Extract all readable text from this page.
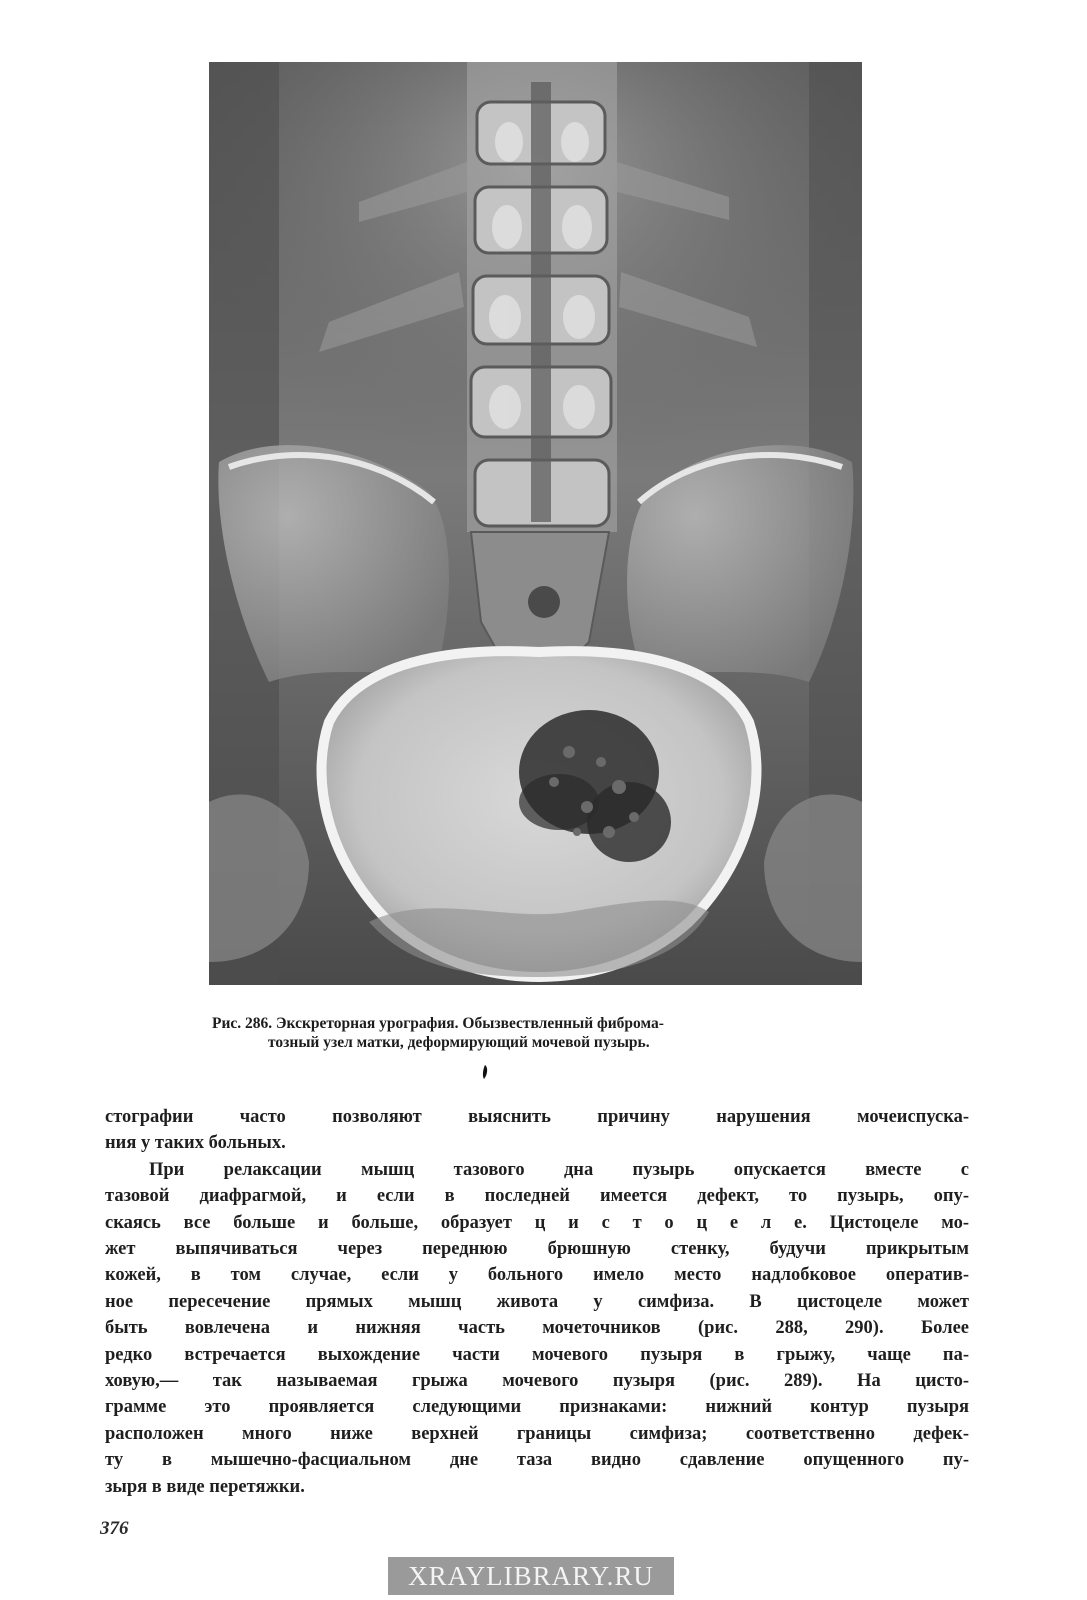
Рис. 286. Экскреторная урография. Обызвествленный фиброма-
тозный узел матки, деформирующий мочевой пузырь.
стографии часто позволяют выяснить причину нарушения мочеиспуска-
ния у таких больных.
При релаксации мышц тазового дна пузырь опускается вместе с
тазовой диафрагмой, и если в последней имеется дефект, то пузырь, опу-
скаясь все больше и больше, образует ц и с т о ц е л е. Цистоцеле мо-
жет выпячиваться через переднюю брюшную стенку, будучи прикрытым
кожей, в том случае, если у больного имело место надлобковое оператив-
ное пересечение прямых мышц живота у симфиза. В цистоцеле может
быть вовлечена и нижняя часть мочеточников (рис. 288, 290). Более
редко встречается выхождение части мочевого пузыря в грыжу, чаще па-
ховую,— так называемая грыжа мочевого пузыря (рис. 289). На цисто-
грамме это проявляется следующими признаками: нижний контур пузыря
расположен много ниже верхней границы симфиза; соответственно дефек-
ту в мышечно-фасциальном дне таза видно сдавление опущенного пу-
зыря в виде перетяжки.
376
XRAYLIBRARY.RU
